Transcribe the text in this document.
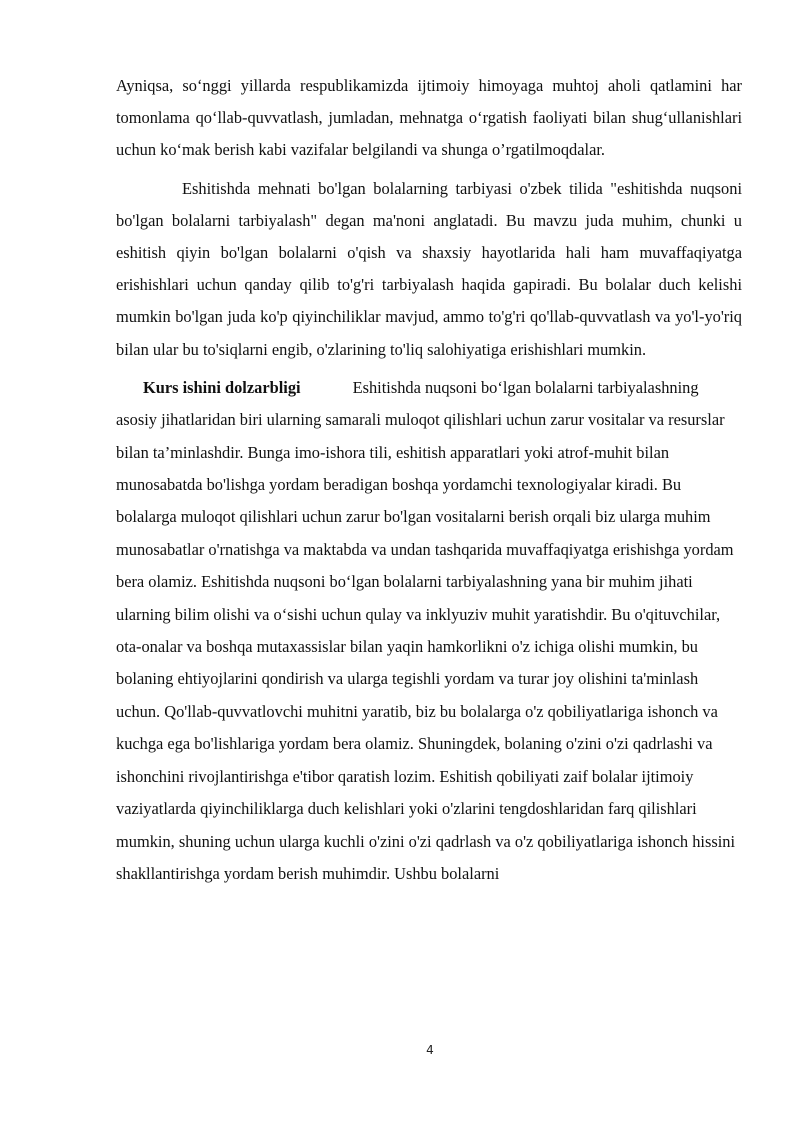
Ayniqsa, so‘nggi yillarda respublikamizda ijtimoiy himoyaga muhtoj aholi qatlamini har tomonlama qo‘llab-quvvatlash, jumladan, mehnatga o‘rgatish faoliyati bilan shug‘ullanishlari uchun ko‘mak berish kabi vazifalar belgilandi va shunga o’rgatilmoqdalar.

Eshitishda mehnati bo'lgan bolalarning tarbiyasi o'zbek tilida "eshitishda nuqsoni bo'lgan bolalarni tarbiyalash" degan ma'noni anglatadi. Bu mavzu juda muhim, chunki u eshitish qiyin bo'lgan bolalarni o'qish va shaxsiy hayotlarida hali ham muvaffaqiyatga erishishlari uchun qanday qilib to'g'ri tarbiyalash haqida gapiradi. Bu bolalar duch kelishi mumkin bo'lgan juda ko'p qiyinchiliklar mavjud, ammo to'g'ri qo'llab-quvvatlash va yo'l-yo'riq bilan ular bu to'siqlarni engib, o'zlarining to'liq salohiyatiga erishishlari mumkin.

Kurs ishini dolzarbligi	Eshitishda nuqsoni bo‘lgan bolalarni tarbiyalashning asosiy jihatlaridan biri ularning samarali muloqot qilishlari uchun zarur vositalar va resurslar bilan ta’minlashdir. Bunga imo-ishora tili, eshitish apparatlari yoki atrof-muhit bilan munosabatda bo'lishga yordam beradigan boshqa yordamchi texnologiyalar kiradi. Bu bolalarga muloqot qilishlari uchun zarur bo'lgan vositalarni berish orqali biz ularga muhim munosabatlar o'rnatishga va maktabda va undan tashqarida muvaffaqiyatga erishishga yordam bera olamiz. Eshitishda nuqsoni bo‘lgan bolalarni tarbiyalashning yana bir muhim jihati ularning bilim olishi va o‘sishi uchun qulay va inklyuziv muhit yaratishdir. Bu o'qituvchilar, ota-onalar va boshqa mutaxassislar bilan yaqin hamkorlikni o'z ichiga olishi mumkin, bu bolaning ehtiyojlarini qondirish va ularga tegishli yordam va turar joy olishini ta'minlash uchun. Qo'llab-quvvatlovchi muhitni yaratib, biz bu bolalarga o'z qobiliyatlariga ishonch va kuchga ega bo'lishlariga yordam bera olamiz. Shuningdek, bolaning o'zini o'zi qadrlashi va ishonchini rivojlantirishga e'tibor qaratish lozim. Eshitish qobiliyati zaif bolalar ijtimoiy vaziyatlarda qiyinchiliklarga duch kelishlari yoki o'zlarini tengdoshlaridan farq qilishlari mumkin, shuning uchun ularga kuchli o'zini o'zi qadrlash va o'z qobiliyatlariga ishonch hissini shakllantirishga yordam berish muhimdir. Ushbu bolalarni

4
